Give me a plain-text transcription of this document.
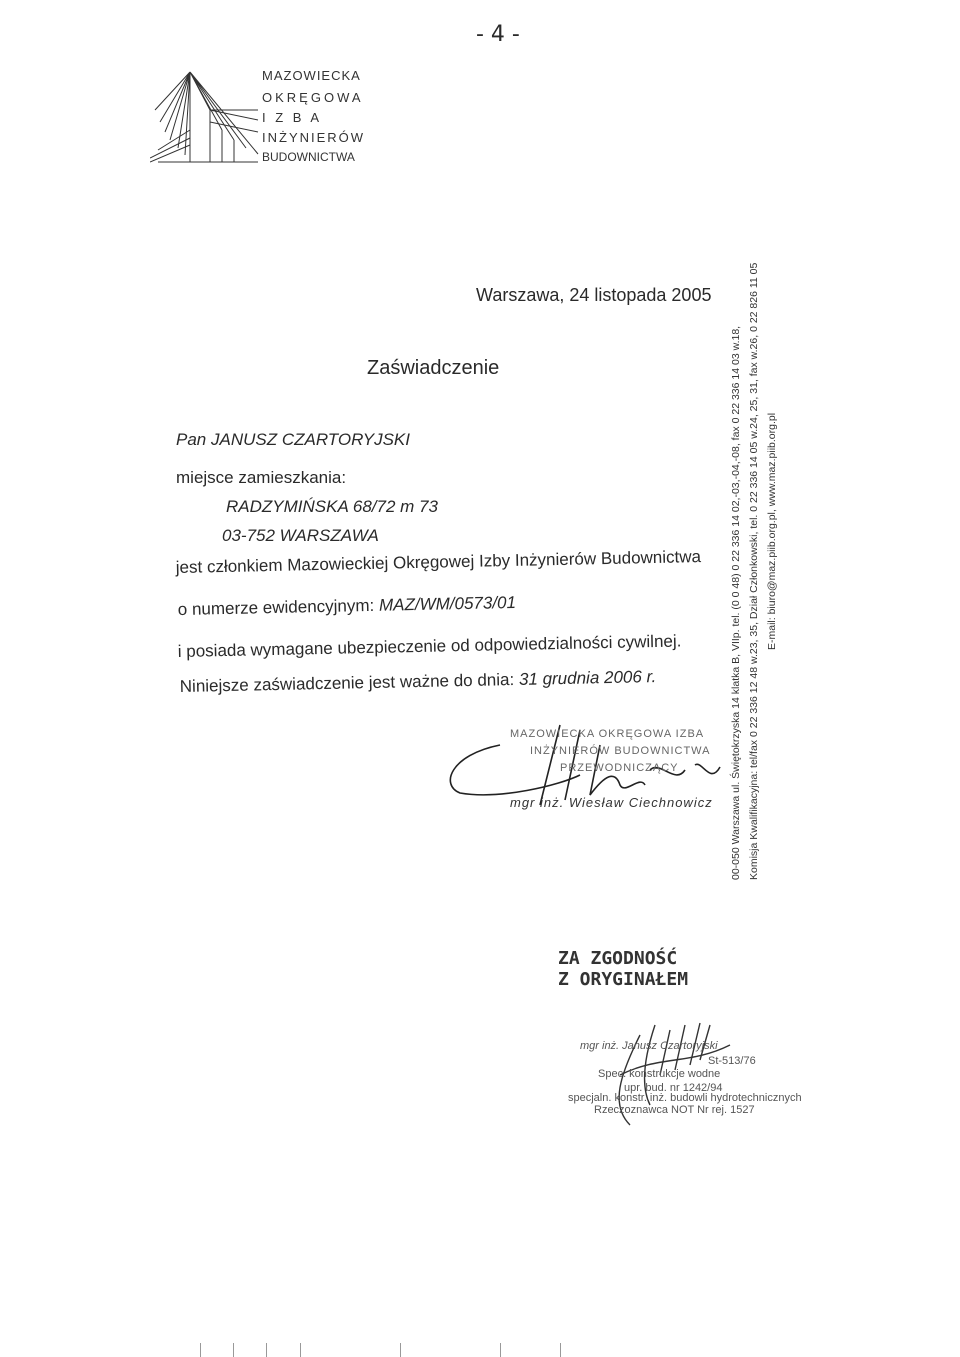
- 4 -
MAZOWIECKA
OKRĘGOWA
I Z B A
INŻYNIERÓW
BUDOWNICTWA
Warszawa, 24 listopada 2005
Zaświadczenie
Pan JANUSZ CZARTORYJSKI
miejsce zamieszkania:
RADZYMIŃSKA 68/72 m 73
03-752 WARSZAWA
jest członkiem Mazowieckiej Okręgowej Izby Inżynierów Budownictwa
o numerze ewidencyjnym: MAZ/WM/0573/01
i posiada wymagane ubezpieczenie od odpowiedzialności cywilnej.
Niniejsze zaświadczenie jest ważne do dnia: 31 grudnia 2006 r.	00-050 Warszawa ul. Świętokrzyska 14 klatka B, VIIp. tel. (0 0 48) 0 22 336 14 02,-03,-04,-08, fax 0 22 336 14 03 w.18, Komisja Kwalifikacyjna: tel/fax 0 22 336 12 48 w.23, 35, Dział Członkowski, tel. 0 22 336 14 05 w.24, 25, 31, fax w.26, 0 22 826 11 05 E-mail: biuro@maz.piib.org.pl, www.maz.piib.org.pl
MAZOWIECKA OKRĘGOWA IZBA
INŻYNIERÓW BUDOWNICTWA
PRZEWODNICZĄCY
mgr inż. Wiesław Ciechnowicz
ZA ZGODNOŚĆ
Z ORYGINAŁEM
mgr inż. Janusz Czartoryjski
St-513/76
Spec. konstrukcje wodne
upr. bud. nr 1242/94
specjaln. konstr. inż. budowli hydrotechnicznych
Rzeczoznawca NOT Nr rej. 1527
